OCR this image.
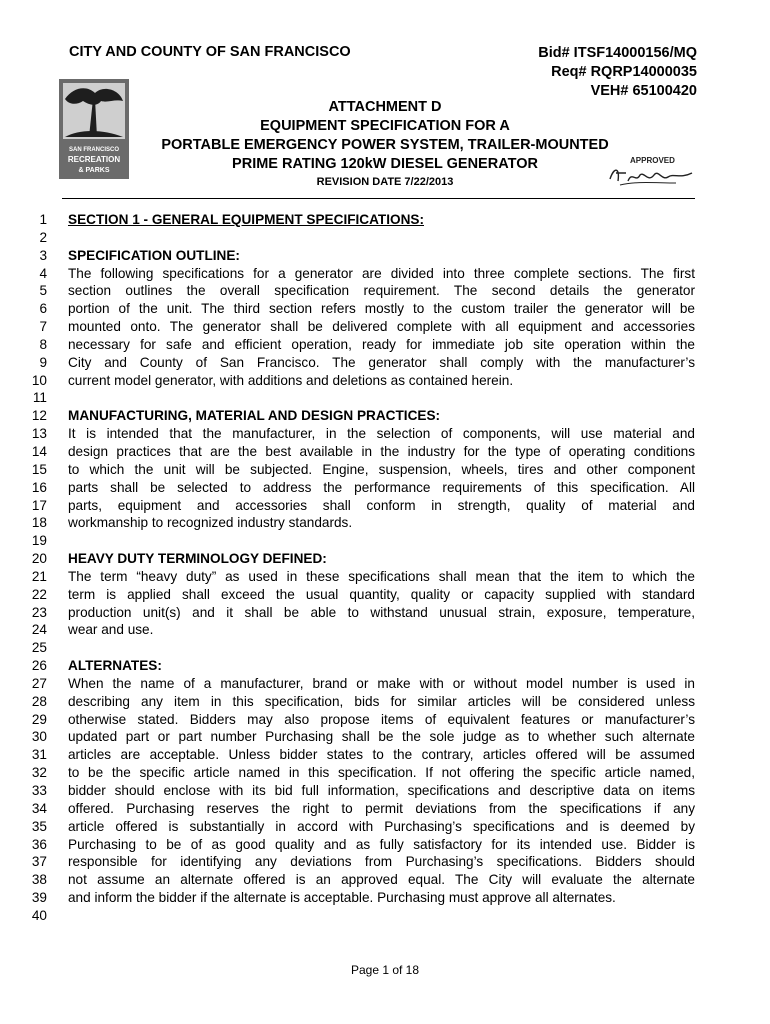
CITY AND COUNTY OF SAN FRANCISCO	Bid# ITSF14000156/MQ
Req# RQRP14000035
VEH# 65100420
SAN FRANCISCO
RECREATION
& PARKS
ATTACHMENT D
EQUIPMENT SPECIFICATION FOR A
PORTABLE EMERGENCY POWER SYSTEM, TRAILER-MOUNTED
PRIME RATING 120kW DIESEL GENERATOR
REVISION DATE 7/22/2013
APPROVED
1
2
3
4
5
6
7
8
9
10
11
12
13
14
15
16
17
18
19
20
21
22
23
24
25
26
27
28
29
30
31
32
33
34
35
36
37
38
39
40
SECTION 1 - GENERAL EQUIPMENT SPECIFICATIONS:
SPECIFICATION OUTLINE:
The following specifications for a generator are divided into three complete sections. The first
section outlines the overall specification requirement. The second details the generator
portion of the unit. The third section refers mostly to the custom trailer the generator will be
mounted onto. The generator shall be delivered complete with all equipment and accessories
necessary for safe and efficient operation, ready for immediate job site operation within the
City and County of San Francisco. The generator shall comply with the manufacturer’s
current model generator, with additions and deletions as contained herein.
MANUFACTURING, MATERIAL AND DESIGN PRACTICES:
It is intended that the manufacturer, in the selection of components, will use material and
design practices that are the best available in the industry for the type of operating conditions
to which the unit will be subjected. Engine, suspension, wheels, tires and other component
parts shall be selected to address the performance requirements of this specification. All
parts, equipment and accessories shall conform in strength, quality of material and
workmanship to recognized industry standards.
HEAVY DUTY TERMINOLOGY DEFINED:
The term “heavy duty” as used in these specifications shall mean that the item to which the
term is applied shall exceed the usual quantity, quality or capacity supplied with standard
production unit(s) and it shall be able to withstand unusual strain, exposure, temperature,
wear and use.
ALTERNATES:
When the name of a manufacturer, brand or make with or without model number is used in
describing any item in this specification, bids for similar articles will be considered unless
otherwise stated. Bidders may also propose items of equivalent features or manufacturer’s
updated part or part number Purchasing shall be the sole judge as to whether such alternate
articles are acceptable. Unless bidder states to the contrary, articles offered will be assumed
to be the specific article named in this specification. If not offering the specific article named,
bidder should enclose with its bid full information, specifications and descriptive data on items
offered. Purchasing reserves the right to permit deviations from the specifications if any
article offered is substantially in accord with Purchasing’s specifications and is deemed by
Purchasing to be of as good quality and as fully satisfactory for its intended use. Bidder is
responsible for identifying any deviations from Purchasing’s specifications. Bidders should
not assume an alternate offered is an approved equal. The City will evaluate the alternate
and inform the bidder if the alternate is acceptable. Purchasing must approve all alternates.
Page 1 of 18
